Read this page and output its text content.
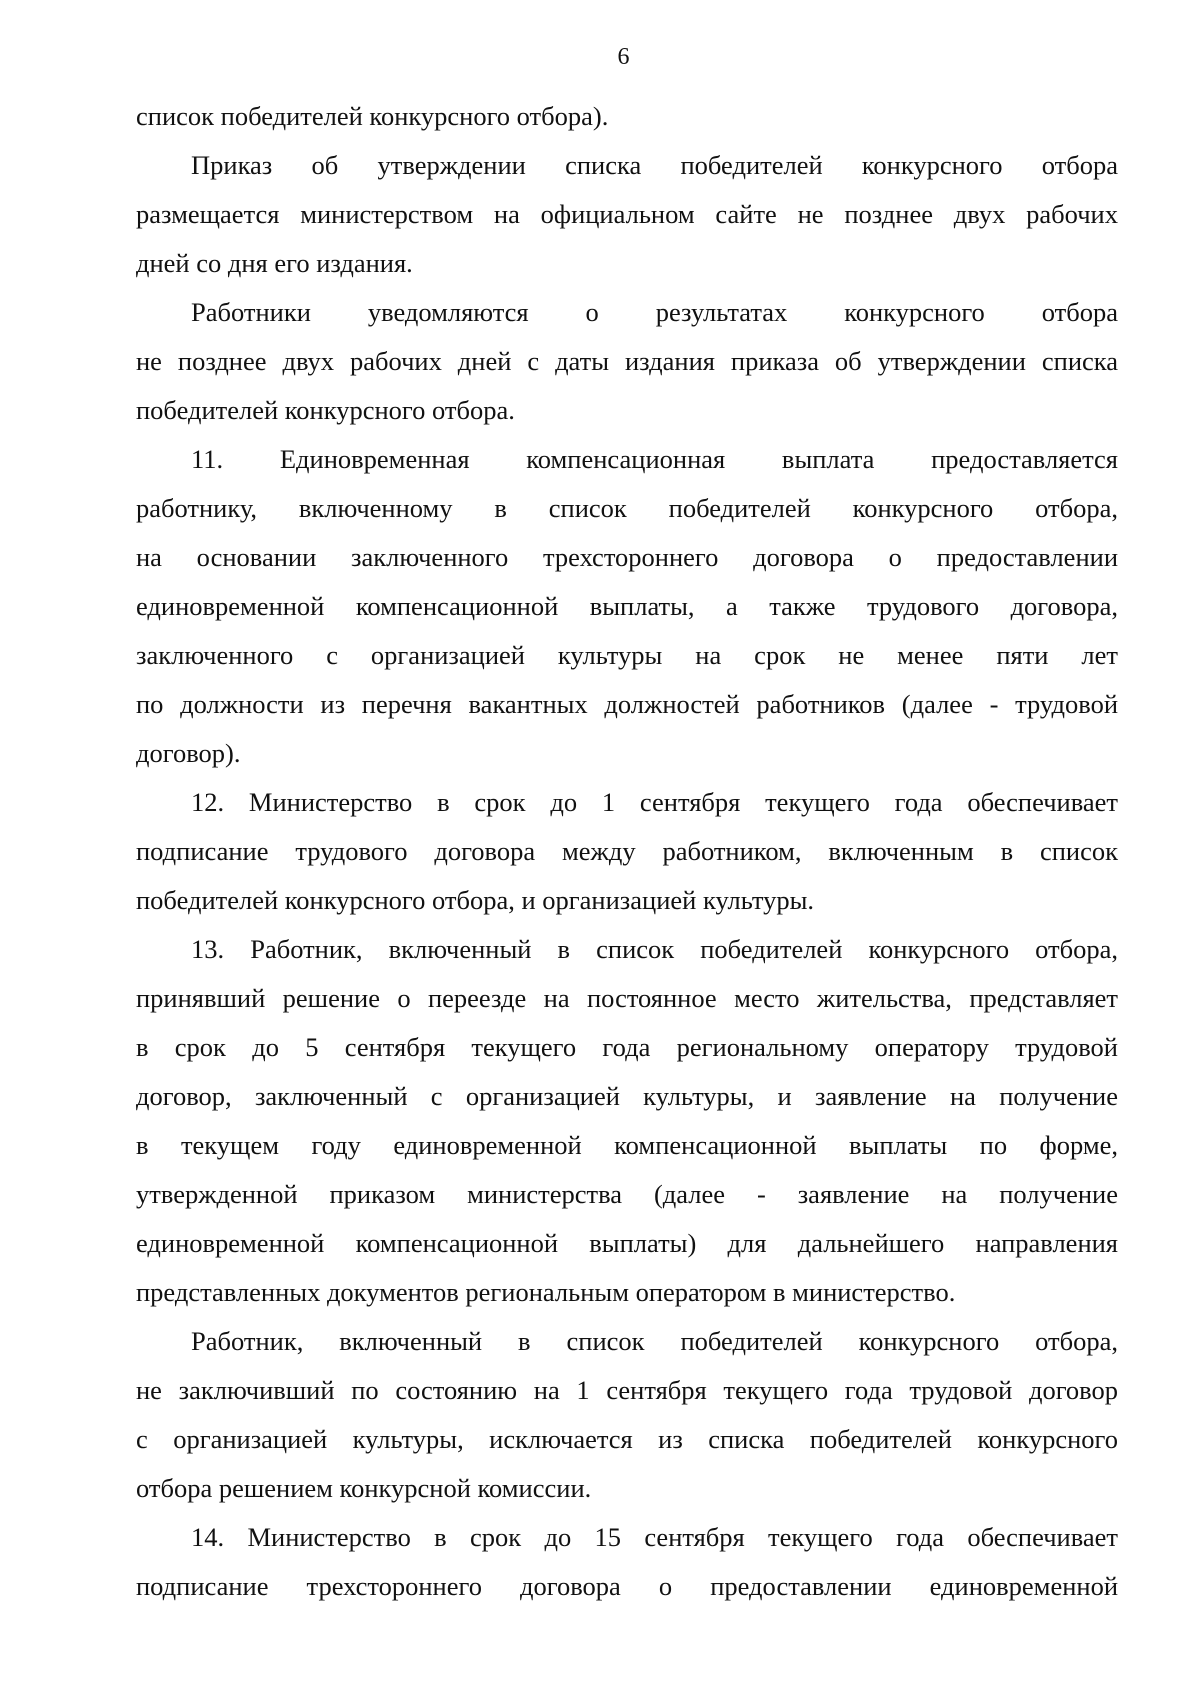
6

список победителей конкурсного отбора).

Приказ об утверждении списка победителей конкурсного отбора
размещается министерством на официальном сайте не позднее двух рабочих
дней со дня его издания.

Работники уведомляются о результатах конкурсного отбора
не позднее двух рабочих дней с даты издания приказа об утверждении списка
победителей конкурсного отбора.

11. Единовременная компенсационная выплата предоставляется
работнику, включенному в список победителей конкурсного отбора,
на основании заключенного трехстороннего договора о предоставлении
единовременной компенсационной выплаты, а также трудового договора,
заключенного с организацией культуры на срок не менее пяти лет
по должности из перечня вакантных должностей работников (далее - трудовой
договор).

12. Министерство в срок до 1 сентября текущего года обеспечивает
подписание трудового договора между работником, включенным в список
победителей конкурсного отбора, и организацией культуры.

13. Работник, включенный в список победителей конкурсного отбора,
принявший решение о переезде на постоянное место жительства, представляет
в срок до 5 сентября текущего года региональному оператору трудовой
договор, заключенный с организацией культуры, и заявление на получение
в текущем году единовременной компенсационной выплаты по форме,
утвержденной приказом министерства (далее - заявление на получение
единовременной компенсационной выплаты) для дальнейшего направления
представленных документов региональным оператором в министерство.

Работник, включенный в список победителей конкурсного отбора,
не заключивший по состоянию на 1 сентября текущего года трудовой договор
с организацией культуры, исключается из списка победителей конкурсного
отбора решением конкурсной комиссии.

14. Министерство в срок до 15 сентября текущего года обеспечивает
подписание трехстороннего договора о предоставлении единовременной
